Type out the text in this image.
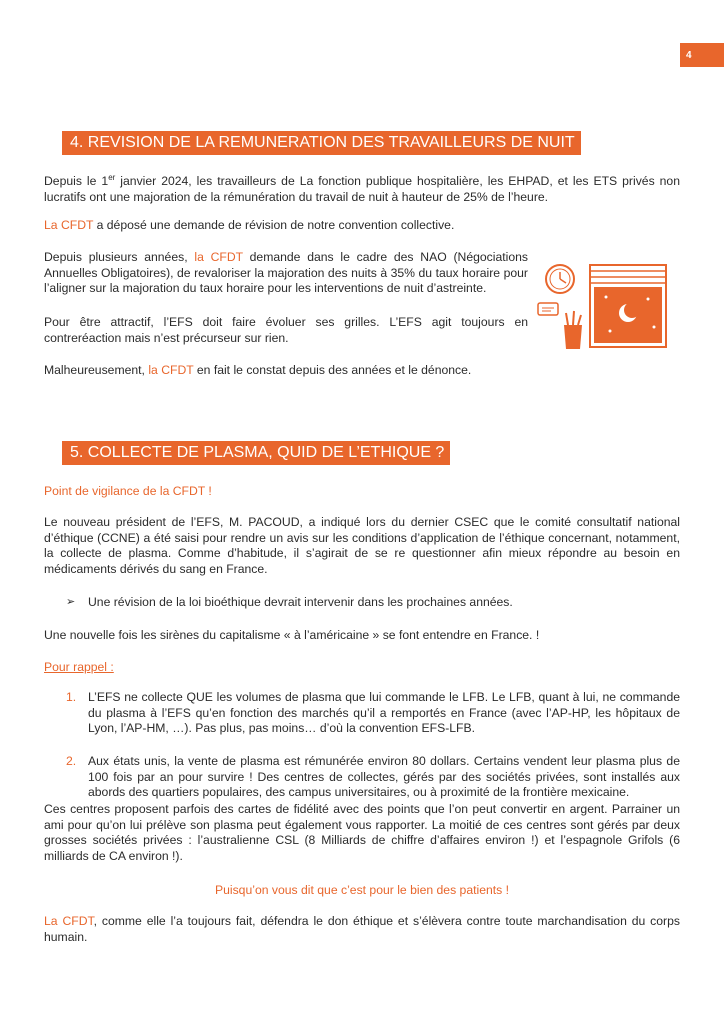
4
4. REVISION DE LA REMUNERATION DES TRAVAILLEURS DE NUIT

Depuis le 1er janvier 2024, les travailleurs de La fonction publique hospitalière, les EHPAD, et les ETS privés non lucratifs ont une majoration de la rémunération du travail de nuit à hauteur de 25% de l’heure.

La CFDT a déposé une demande de révision de notre convention collective.

Depuis plusieurs années, la CFDT demande dans le cadre des NAO (Négociations Annuelles Obligatoires), de revaloriser la majoration des nuits à 35% du taux horaire pour l’aligner sur la majoration du taux horaire pour les interventions de nuit d’astreinte.

Pour être attractif, l’EFS doit faire évoluer ses grilles. L’EFS agit toujours en contreréaction mais n’est précurseur sur rien.

Malheureusement, la CFDT en fait le constat depuis des années et le dénonce.

5. COLLECTE DE PLASMA, QUID DE L’ETHIQUE ?

Point de vigilance de la CFDT !

Le nouveau président de l’EFS, M. PACOUD, a indiqué lors du dernier CSEC que le comité consultatif national d’éthique (CCNE) a été saisi pour rendre un avis sur les conditions d’application de l’éthique concernant, notamment, la collecte de plasma. Comme d’habitude, il s’agirait de se re questionner afin mieux répondre au besoin en médicaments dérivés du sang en France.

➢ Une révision de la loi bioéthique devrait intervenir dans les prochaines années.

Une nouvelle fois les sirènes du capitalisme « à l’américaine » se font entendre en France. !

Pour rappel :

1. L’EFS ne collecte QUE les volumes de plasma que lui commande le LFB. Le LFB, quant à lui, ne commande du plasma à l’EFS qu’en fonction des marchés qu’il a remportés en France (avec l’AP-HP, les hôpitaux de Lyon, l’AP-HM, …). Pas plus, pas moins… d’où la convention EFS-LFB.
2. Aux états unis, la vente de plasma est rémunérée environ 80 dollars. Certains vendent leur plasma plus de 100 fois par an pour survire ! Des centres de collectes, gérés par des sociétés privées, sont installés aux abords des quartiers populaires, des campus universitaires, ou à proximité de la frontière mexicaine.

Ces centres proposent parfois des cartes de fidélité avec des points que l’on peut convertir en argent. Parrainer un ami pour qu’on lui prélève son plasma peut également vous rapporter. La moitié de ces centres sont gérés par deux grosses sociétés privées : l’australienne CSL (8 Milliards de chiffre d’affaires environ !) et l’espagnole Grifols (6 milliards de CA environ !).

Puisqu’on vous dit que c’est pour le bien des patients !

La CFDT, comme elle l’a toujours fait, défendra le don éthique et s’élèvera contre toute marchandisation du corps humain.
